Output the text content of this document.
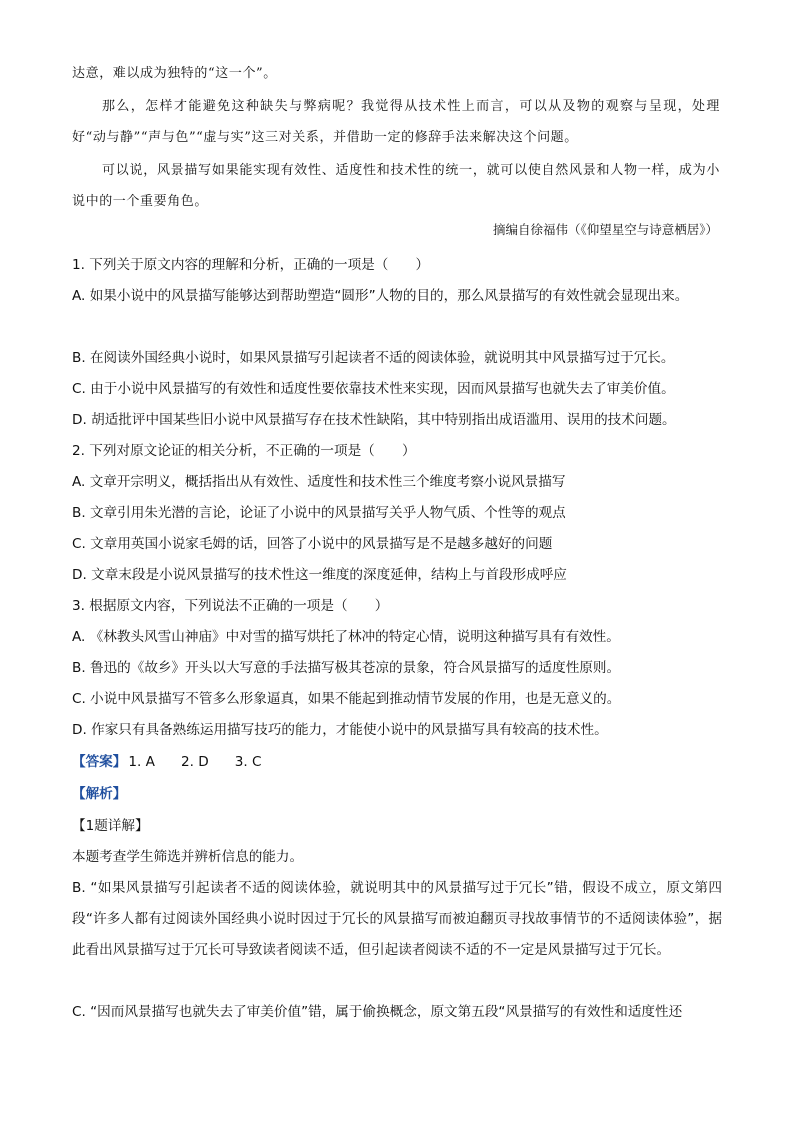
达意，难以成为独特的“这一个”。
那么，怎样才能避免这种缺失与弊病呢？我觉得从技术性上而言，可以从及物的观察与呈现，处理好“动与静”“声与色”“虚与实”这三对关系，并借助一定的修辞手法来解决这个问题。
可以说，风景描写如果能实现有效性、适度性和技术性的统一，就可以使自然风景和人物一样，成为小说中的一个重要角色。
摘编自徐福伟（《仰望星空与诗意栖居》）
1. 下列关于原文内容的理解和分析，正确的一项是（　　）
A. 如果小说中的风景描写能够达到帮助塑造“圆形”人物的目的，那么风景描写的有效性就会显现出来。
B. 在阅读外国经典小说时，如果风景描写引起读者不适的阅读体验，就说明其中风景描写过于冗长。
C. 由于小说中风景描写的有效性和适度性要依靠技术性来实现，因而风景描写也就失去了审美价值。
D. 胡适批评中国某些旧小说中风景描写存在技术性缺陷，其中特别指出成语滥用、误用的技术问题。
2. 下列对原文论证的相关分析，不正确的一项是（　　）
A. 文章开宗明义，概括指出从有效性、适度性和技术性三个维度考察小说风景描写
B. 文章引用朱光潜的言论，论证了小说中的风景描写关乎人物气质、个性等的观点
C. 文章用英国小说家毛姆的话，回答了小说中的风景描写是不是越多越好的问题
D. 文章末段是小说风景描写的技术性这一维度的深度延伸，结构上与首段形成呼应
3. 根据原文内容，下列说法不正确的一项是（　　）
A. 《林教头风雪山神庙》中对雪的描写烘托了林冲的特定心情，说明这种描写具有有效性。
B. 鲁迅的《故乡》开头以大写意的手法描写极其苍凉的景象，符合风景描写的适度性原则。
C. 小说中风景描写不管多么形象逼真，如果不能起到推动情节发展的作用，也是无意义的。
D. 作家只有具备熟练运用描写技巧的能力，才能使小说中的风景描写具有较高的技术性。
【答案】 1. A 2. D 3. C
【解析】
【1题详解】
本题考查学生筛选并辨析信息的能力。
B. “如果风景描写引起读者不适的阅读体验，就说明其中的风景描写过于冗长”错，假设不成立，原文第四段“许多人都有过阅读外国经典小说时因过于冗长的风景描写而被迫翻页寻找故事情节的不适阅读体验”，据此看出风景描写过于冗长可导致读者阅读不适，但引起读者阅读不适的不一定是风景描写过于冗长。
C. “因而风景描写也就失去了审美价值”错，属于偷换概念，原文第五段“风景描写的有效性和适度性还
